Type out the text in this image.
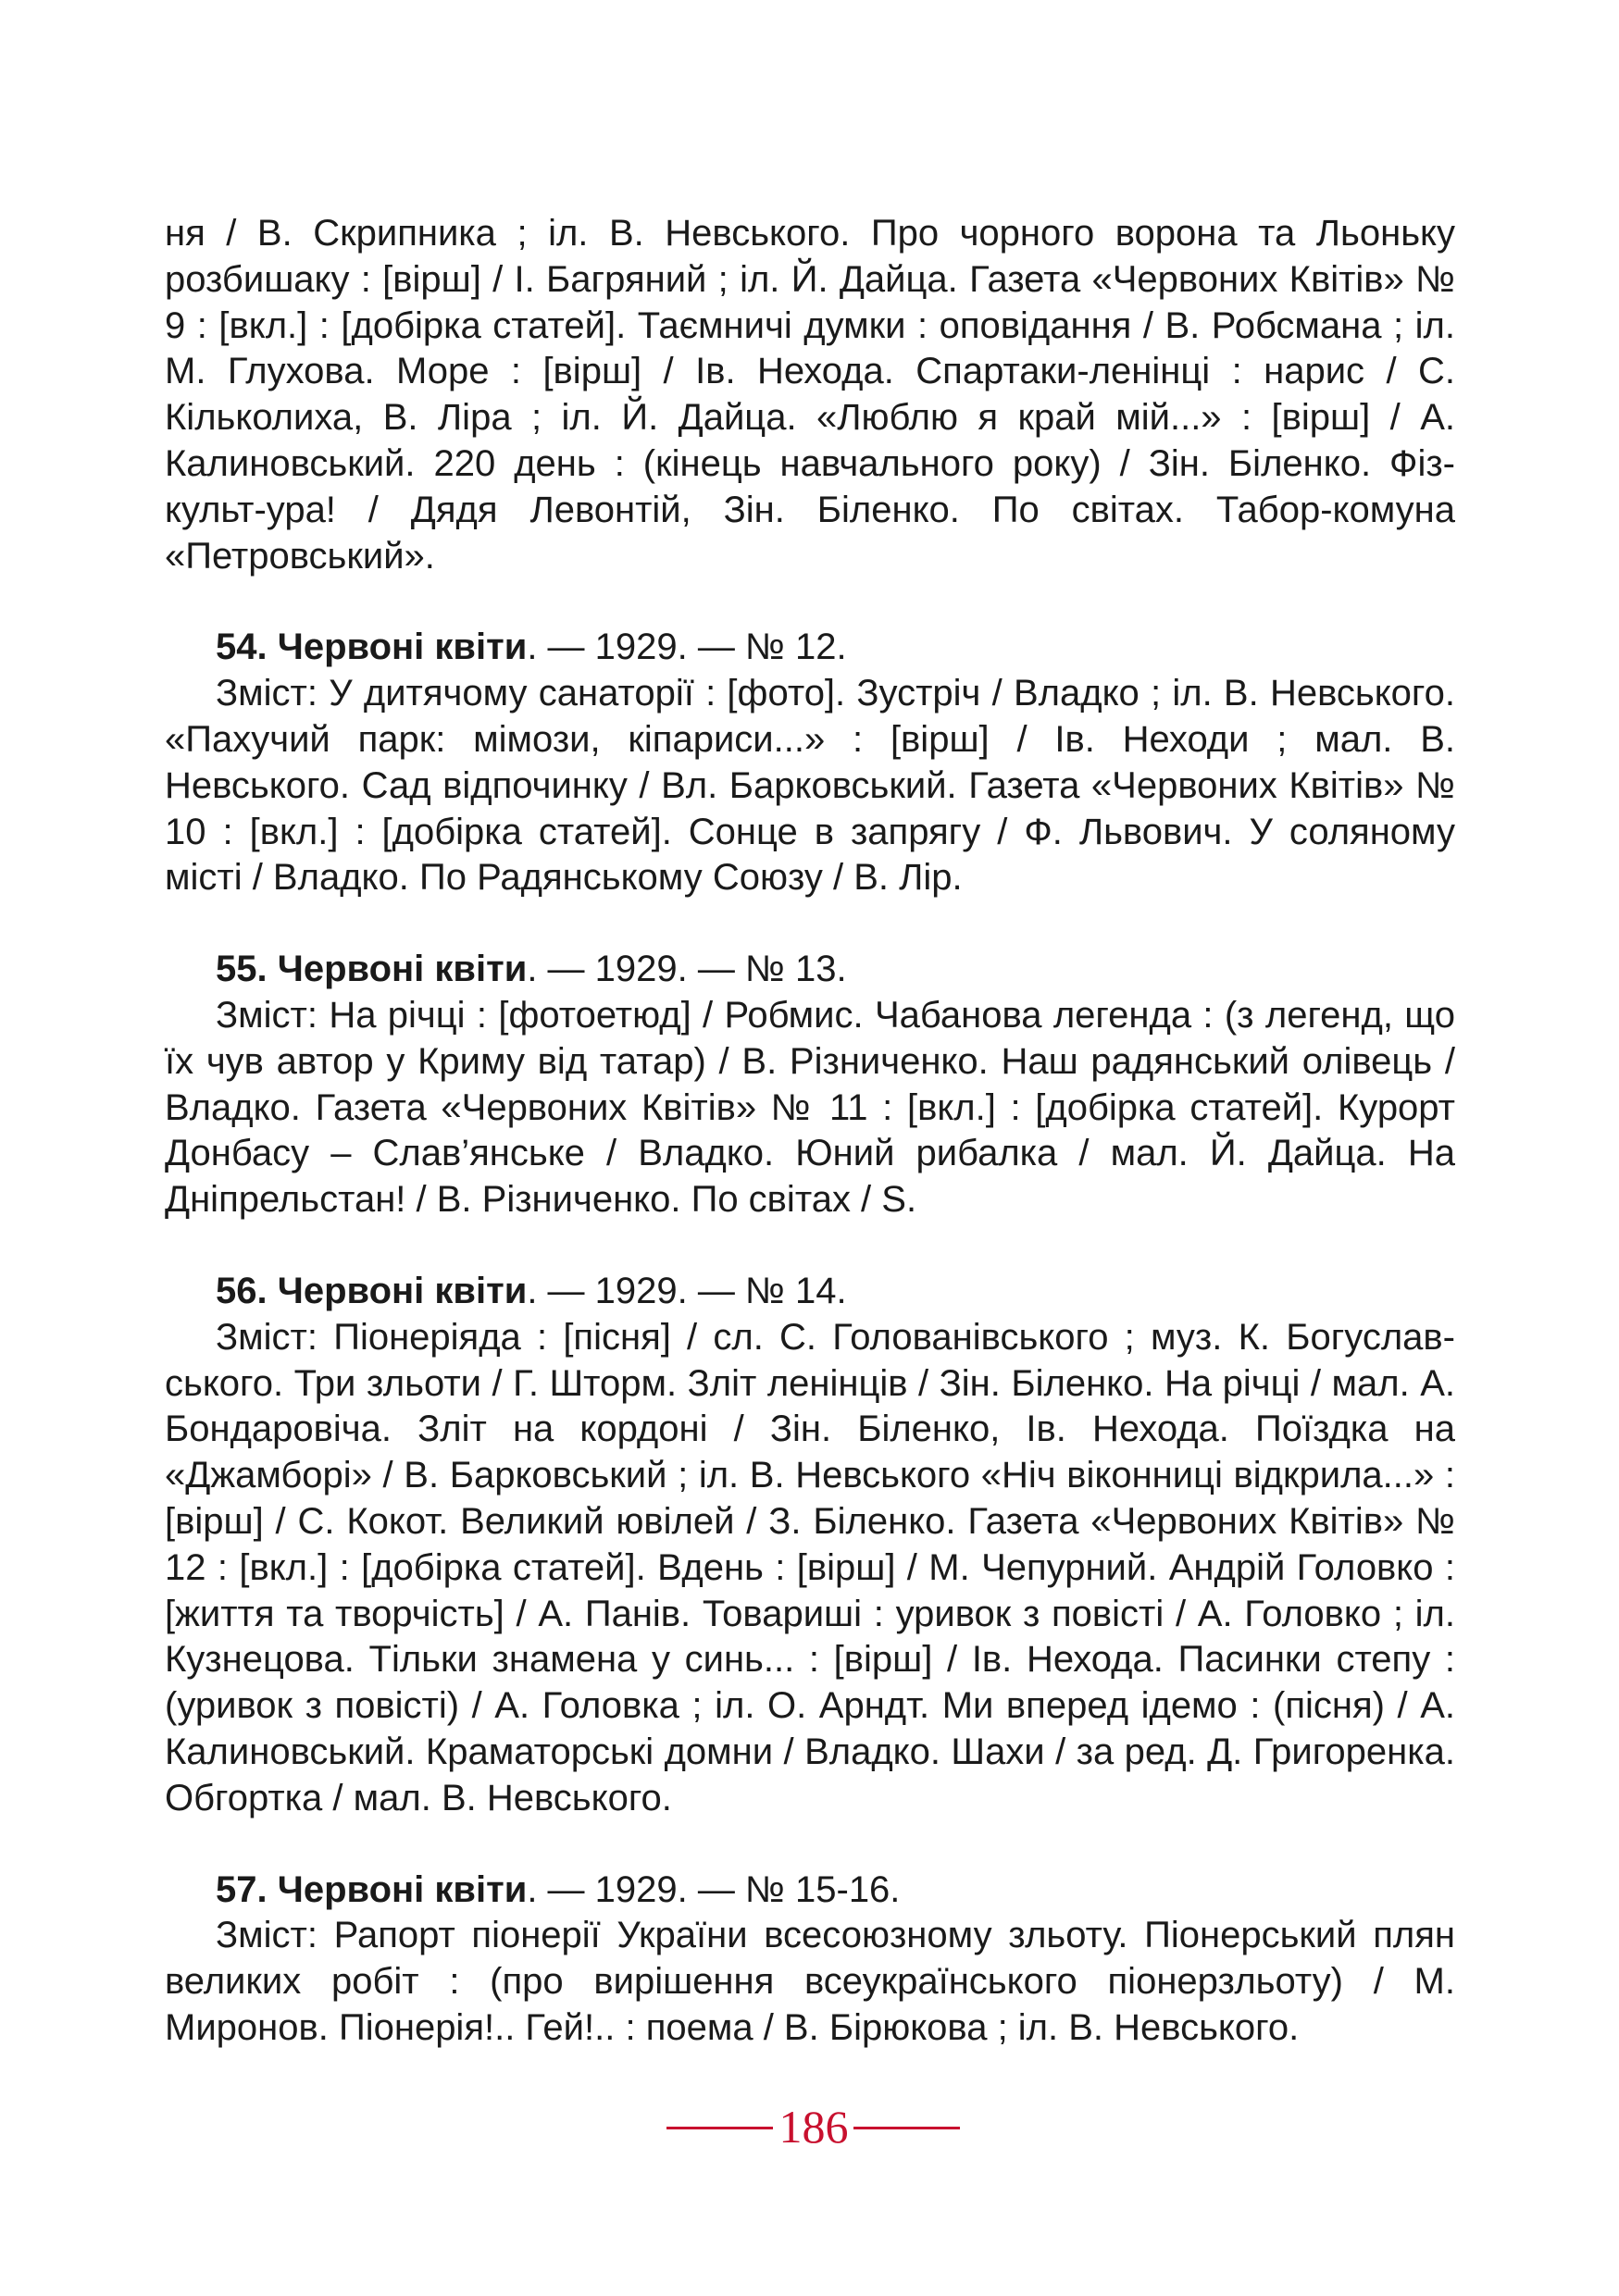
ня / В. Скрипника ; іл. В. Невського. Про чорного ворона та Льоньку розбишаку : [вірш] / І. Багряний ; іл. Й. Дайца. Газета «Червоних Квітів» № 9 : [вкл.] : [добірка статей]. Таємничі думки : оповідання / В. Робсмана ; іл. М. Глухова. Море : [вірш] / Ів. Нехода. Спартаки-ленінці : нарис / С. Кільколиха, В. Ліра ; іл. Й. Дайца. «Люблю я край мій...» : [вірш] / А. Калиновський. 220 день : (кінець навчального року) / Зін. Біленко. Фіз-культ-ура! / Дядя Левонтій, Зін. Біленко. По світах. Табор-комуна «Петровський».

54. Червоні квіти. — 1929. — № 12.

Зміст: У дитячому санаторії : [фото]. Зустріч / Владко ; іл. В. Невського. «Пахучий парк: мімози, кіпариси...» : [вірш] / Ів. Неходи ; мал. В. Невського. Сад відпочинку / Вл. Барковський. Газета «Червоних Квітів» № 10 : [вкл.] : [добірка статей]. Сонце в запрягу / Ф. Львович. У соляному місті / Владко. По Радянському Союзу / В. Лір.

55. Червоні квіти. — 1929. — № 13.

Зміст: На річці : [фотоетюд] / Робмис. Чабанова легенда : (з легенд, що їх чув автор у Криму від татар) / В. Різниченко. Наш радянський олівець / Владко. Газета «Червоних Квітів» № 11 : [вкл.] : [добірка статей]. Курорт Донбасу – Слав’янське / Владко. Юний рибалка / мал. Й. Дайца. На Дніпрельстан! / В. Різниченко. По світах / S.

56. Червоні квіти. — 1929. — № 14.

Зміст: Піонеріяда : [пісня] / сл. С. Голованівського ; муз. К. Богуславського. Три зльоти / Г. Шторм. Зліт ленінців / Зін. Біленко. На річці / мал. А. Бондаровіча. Зліт на кордоні / Зін. Біленко, Ів. Нехода. Поїздка на «Джамборі» / В. Барковський ; іл. В. Невського «Ніч віконниці відкрила...» : [вірш] / С. Кокот. Великий ювілей / З. Біленко. Газета «Червоних Квітів» № 12 : [вкл.] : [добірка статей]. Вдень : [вірш] / М. Чепурний. Андрій Головко : [життя та творчість] / А. Панів. Товариші : уривок з повісті / А. Головко ; іл. Кузнецова. Тільки знамена у синь... : [вірш] / Ів. Нехода. Пасинки степу : (уривок з повісті) / А. Головка ; іл. О. Арндт. Ми вперед ідемо : (пісня) / А. Калиновський. Краматорські домни / Владко. Шахи / за ред. Д. Григоренка. Обгортка / мал. В. Невського.

57. Червоні квіти. — 1929. — № 15-16.

Зміст: Рапорт піонерії України всесоюзному зльоту. Піонерський плян великих робіт : (про вирішення всеукраїнського піонерзльоту) / М. Миронов. Піонерія!.. Гей!.. : поема / В. Бірюкова ; іл. В. Невського.

186
